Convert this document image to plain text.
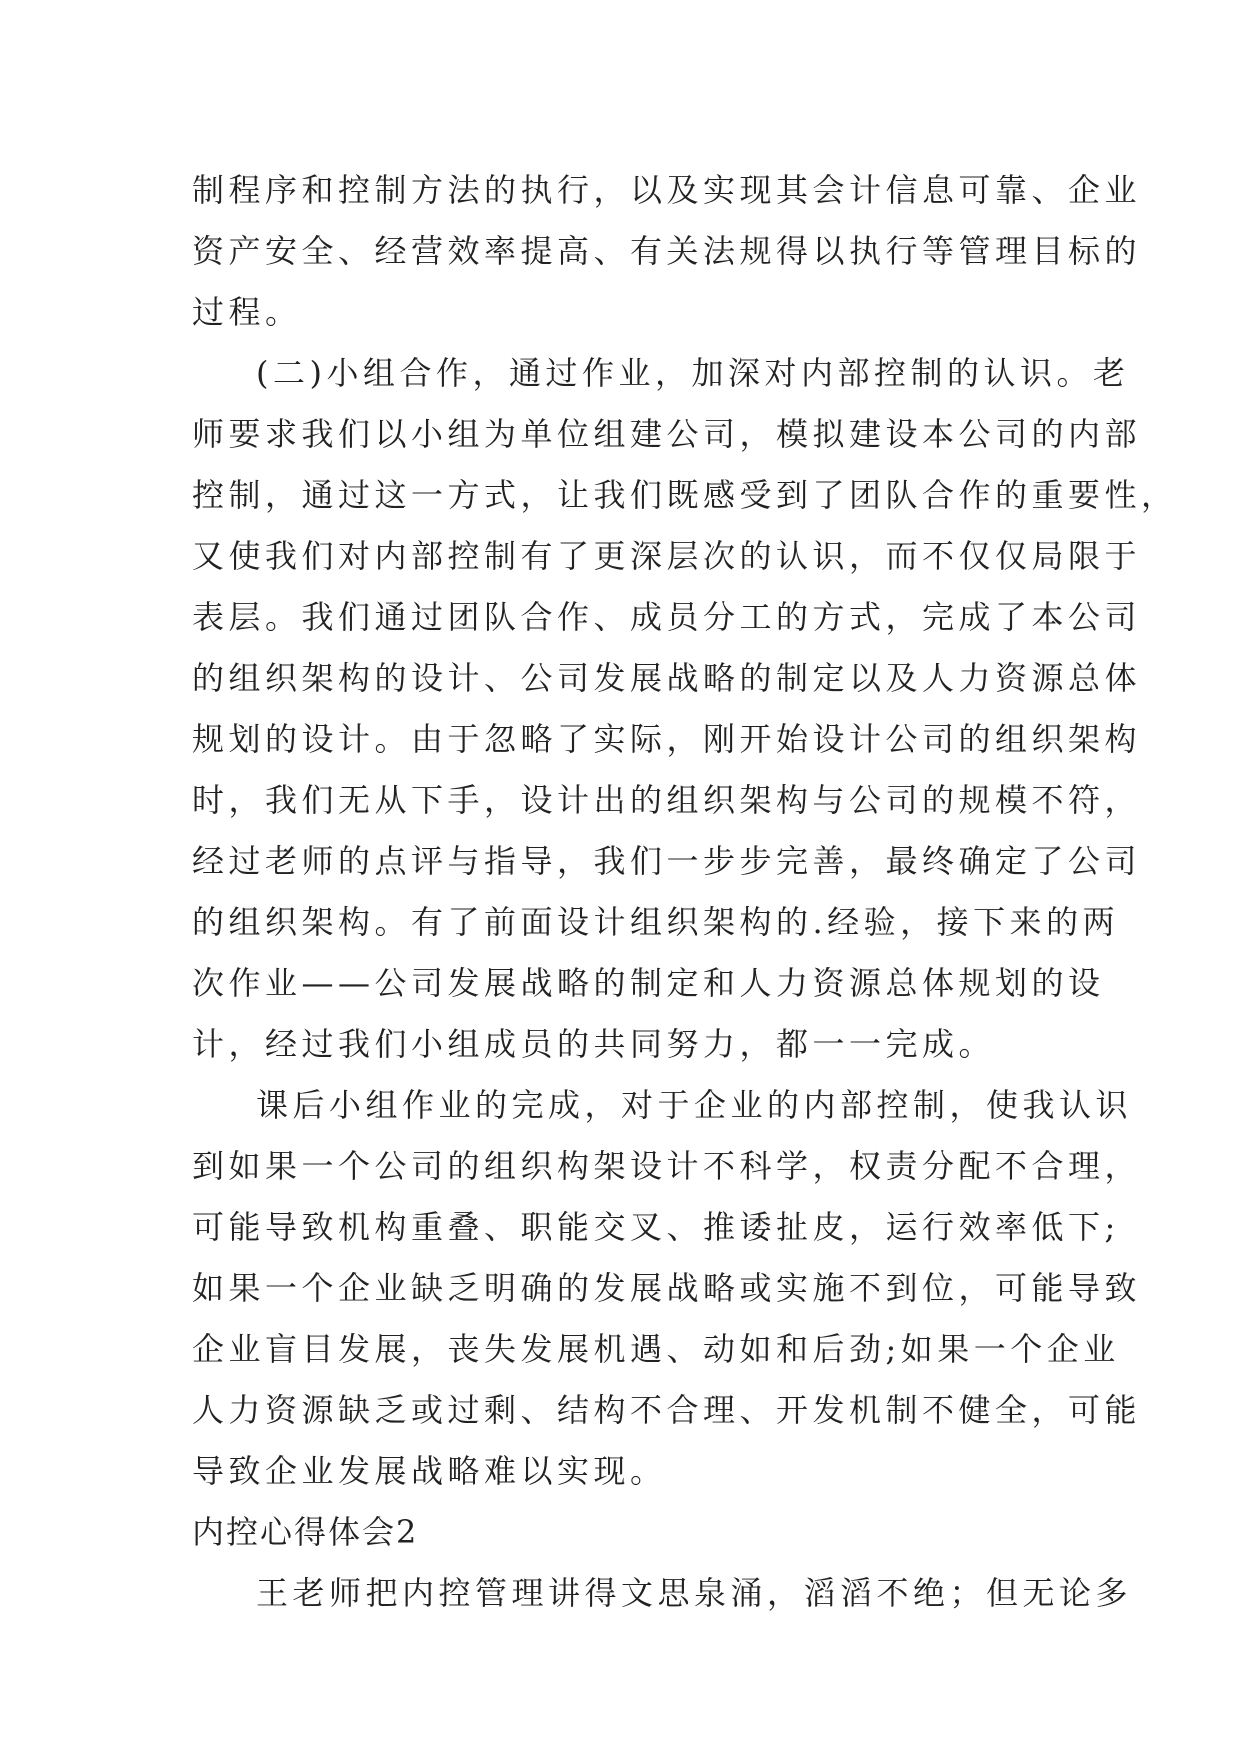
制程序和控制方法的执行，以及实现其会计信息可靠、企业
资产安全、经营效率提高、有关法规得以执行等管理目标的
过程。
(二)小组合作，通过作业，加深对内部控制的认识。老
师要求我们以小组为单位组建公司，模拟建设本公司的内部
控制，通过这一方式，让我们既感受到了团队合作的重要性，
又使我们对内部控制有了更深层次的认识，而不仅仅局限于
表层。我们通过团队合作、成员分工的方式，完成了本公司
的组织架构的设计、公司发展战略的制定以及人力资源总体
规划的设计。由于忽略了实际，刚开始设计公司的组织架构
时，我们无从下手，设计出的组织架构与公司的规模不符，
经过老师的点评与指导，我们一步步完善，最终确定了公司
的组织架构。有了前面设计组织架构的.经验，接下来的两
次作业——公司发展战略的制定和人力资源总体规划的设
计，经过我们小组成员的共同努力，都一一完成。
课后小组作业的完成，对于企业的内部控制，使我认识
到如果一个公司的组织构架设计不科学，权责分配不合理，
可能导致机构重叠、职能交叉、推诿扯皮，运行效率低下;
如果一个企业缺乏明确的发展战略或实施不到位，可能导致
企业盲目发展，丧失发展机遇、动如和后劲;如果一个企业
人力资源缺乏或过剩、结构不合理、开发机制不健全，可能
导致企业发展战略难以实现。
内控心得体会2
王老师把内控管理讲得文思泉涌，滔滔不绝；但无论多
